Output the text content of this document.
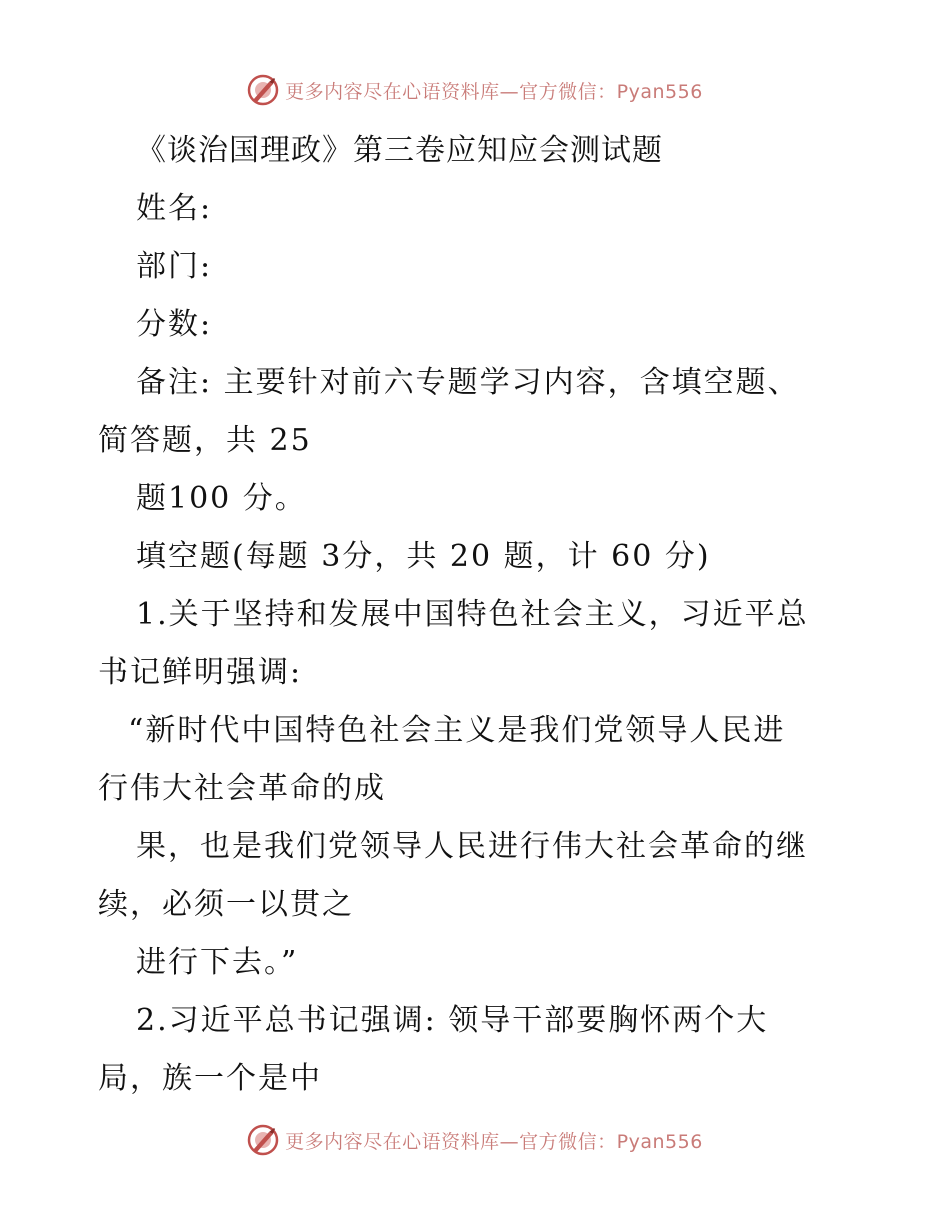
更多内容尽在心语资料库—官方微信：Pyan556
《谈治国理政》第三卷应知应会测试题
姓名:
部门:
分数:
备注: 主要针对前六专题学习内容，含填空题、
简答题，共 25
题100 分。
填空题(每题 3分，共 20 题，计 60 分)
1.关于坚持和发展中国特色社会主义，习近平总
书记鲜明强调:
“新时代中国特色社会主义是我们党领导人民进
行伟大社会革命的成
果，也是我们党领导人民进行伟大社会革命的继
续，必须一以贯之
进行下去。”
2.习近平总书记强调: 领导干部要胸怀两个大
局，族一个是中
更多内容尽在心语资料库—官方微信：Pyan556
